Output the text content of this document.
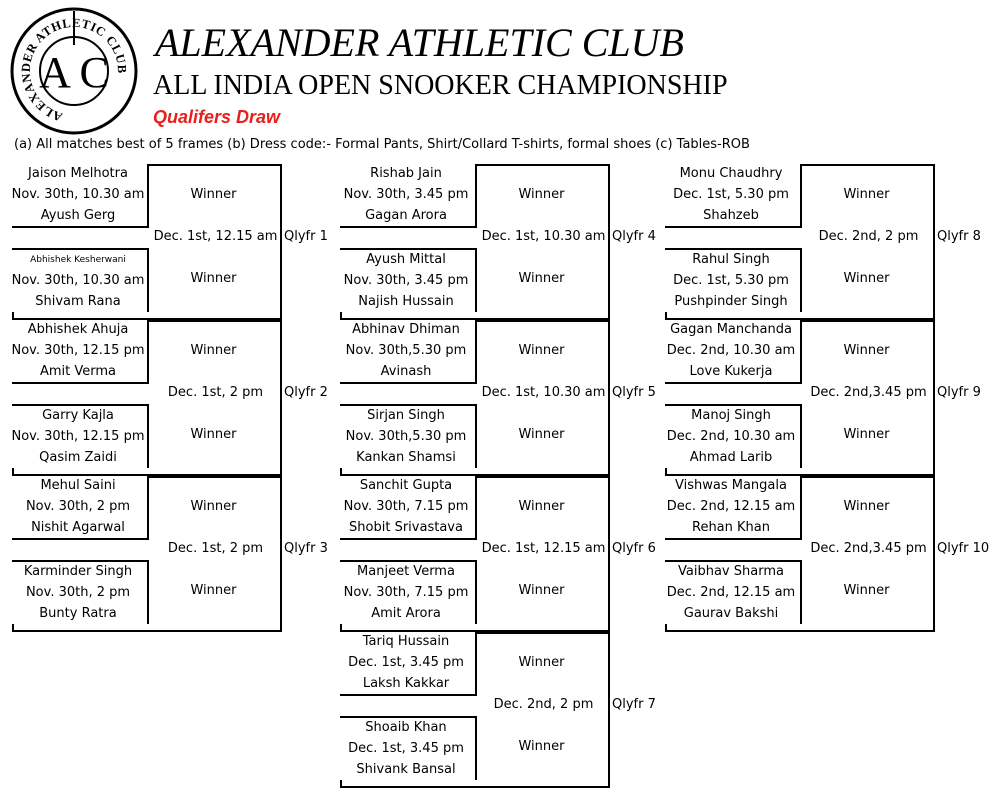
ALEXANDER ATHLETIC CLUB
A C
ALEXANDER ATHLETIC CLUB
ALL INDIA OPEN SNOOKER CHAMPIONSHIP
Qualifers Draw
(a) All matches best of 5 frames (b) Dress code:- Formal Pants, Shirt/Collard T-shirts, formal shoes (c) Tables-ROB
Jaison Melhotra
Nov. 30th, 10.30 am
Ayush Gerg
Winner
Abhishek Kesherwani
Nov. 30th, 10.30 am
Shivam Rana
Winner
Dec. 1st, 12.15 am Qlyfr 1
Abhishek Ahuja
Nov. 30th, 12.15 pm
Amit Verma
Winner
Garry Kajla
Nov. 30th, 12.15 pm
Qasim Zaidi
Winner
Dec. 1st, 2 pm	Qlyfr 2
Mehul Saini
Nov. 30th, 2 pm
Nishit Agarwal
Winner
Karminder Singh
Nov. 30th, 2 pm
Bunty Ratra
Winner
Dec. 1st, 2 pm	Qlyfr 3
Rishab Jain
Nov. 30th, 3.45 pm
Gagan Arora
Winner
Ayush Mittal
Nov. 30th, 3.45 pm
Najish Hussain
Winner
Dec. 1st, 10.30 am Qlyfr 4
Abhinav Dhiman
Nov. 30th,5.30 pm
Avinash
Winner
Sirjan Singh
Nov. 30th,5.30 pm
Kankan Shamsi
Winner
Dec. 1st, 10.30 am Qlyfr 5
Sanchit Gupta
Nov. 30th, 7.15 pm
Shobit Srivastava
Winner
Manjeet Verma
Nov. 30th, 7.15 pm
Amit Arora
Winner
Dec. 1st, 12.15 am Qlyfr 6
Tariq Hussain
Dec. 1st, 3.45 pm
Laksh Kakkar
Winner
Shoaib Khan
Dec. 1st, 3.45 pm
Shivank Bansal
Winner
Dec. 2nd, 2 pm	Qlyfr 7
Monu Chaudhry
Dec. 1st, 5.30 pm
Shahzeb
Winner
Rahul Singh
Dec. 1st, 5.30 pm
Pushpinder Singh
Winner
Dec. 2nd, 2 pm	Qlyfr 8
Gagan Manchanda
Dec. 2nd, 10.30 am
Love Kukerja
Winner
Manoj Singh
Dec. 2nd, 10.30 am
Ahmad Larib
Winner
Dec. 2nd,3.45 pm Qlyfr 9
Vishwas Mangala
Dec. 2nd, 12.15 am
Rehan Khan
Winner
Vaibhav Sharma
Dec. 2nd, 12.15 am
Gaurav Bakshi
Winner
Dec. 2nd,3.45 pm Qlyfr 10
